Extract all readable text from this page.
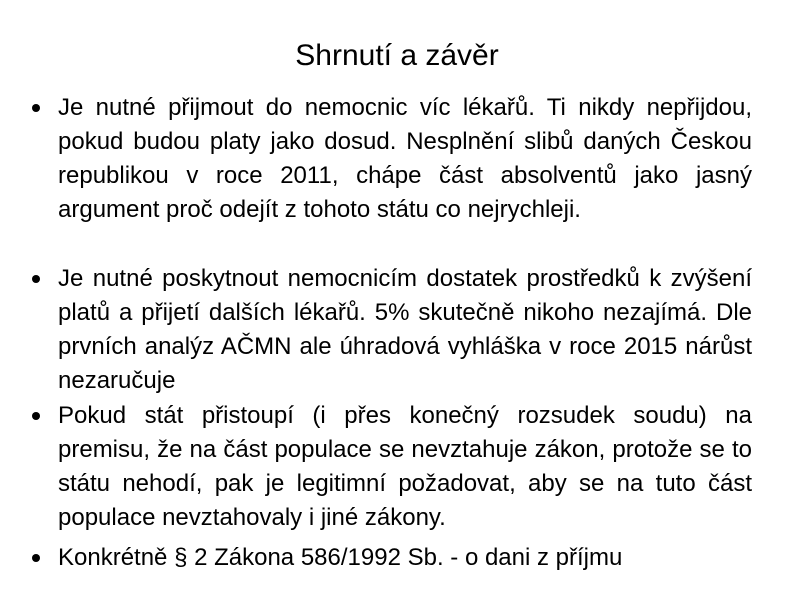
Shrnutí a závěr
Je nutné přijmout do nemocnic víc lékařů. Ti nikdy nepřijdou, pokud budou platy jako dosud. Nesplnění slibů daných Českou republikou v roce 2011, chápe část absolventů jako jasný argument proč odejít z tohoto státu co nejrychleji.
Je nutné poskytnout nemocnicím dostatek prostředků k zvýšení platů a přijetí dalších lékařů. 5% skutečně nikoho nezajímá. Dle prvních analýz AČMN ale úhradová vyhláška v roce 2015 nárůst nezaručuje
Pokud stát přistoupí (i přes konečný rozsudek soudu) na premisu, že na část populace se nevztahuje zákon, protože se to státu nehodí, pak je legitimní požadovat, aby se na tuto část populace nevztahovaly i jiné zákony.
Konkrétně § 2 Zákona 586/1992 Sb. - o dani z příjmu
